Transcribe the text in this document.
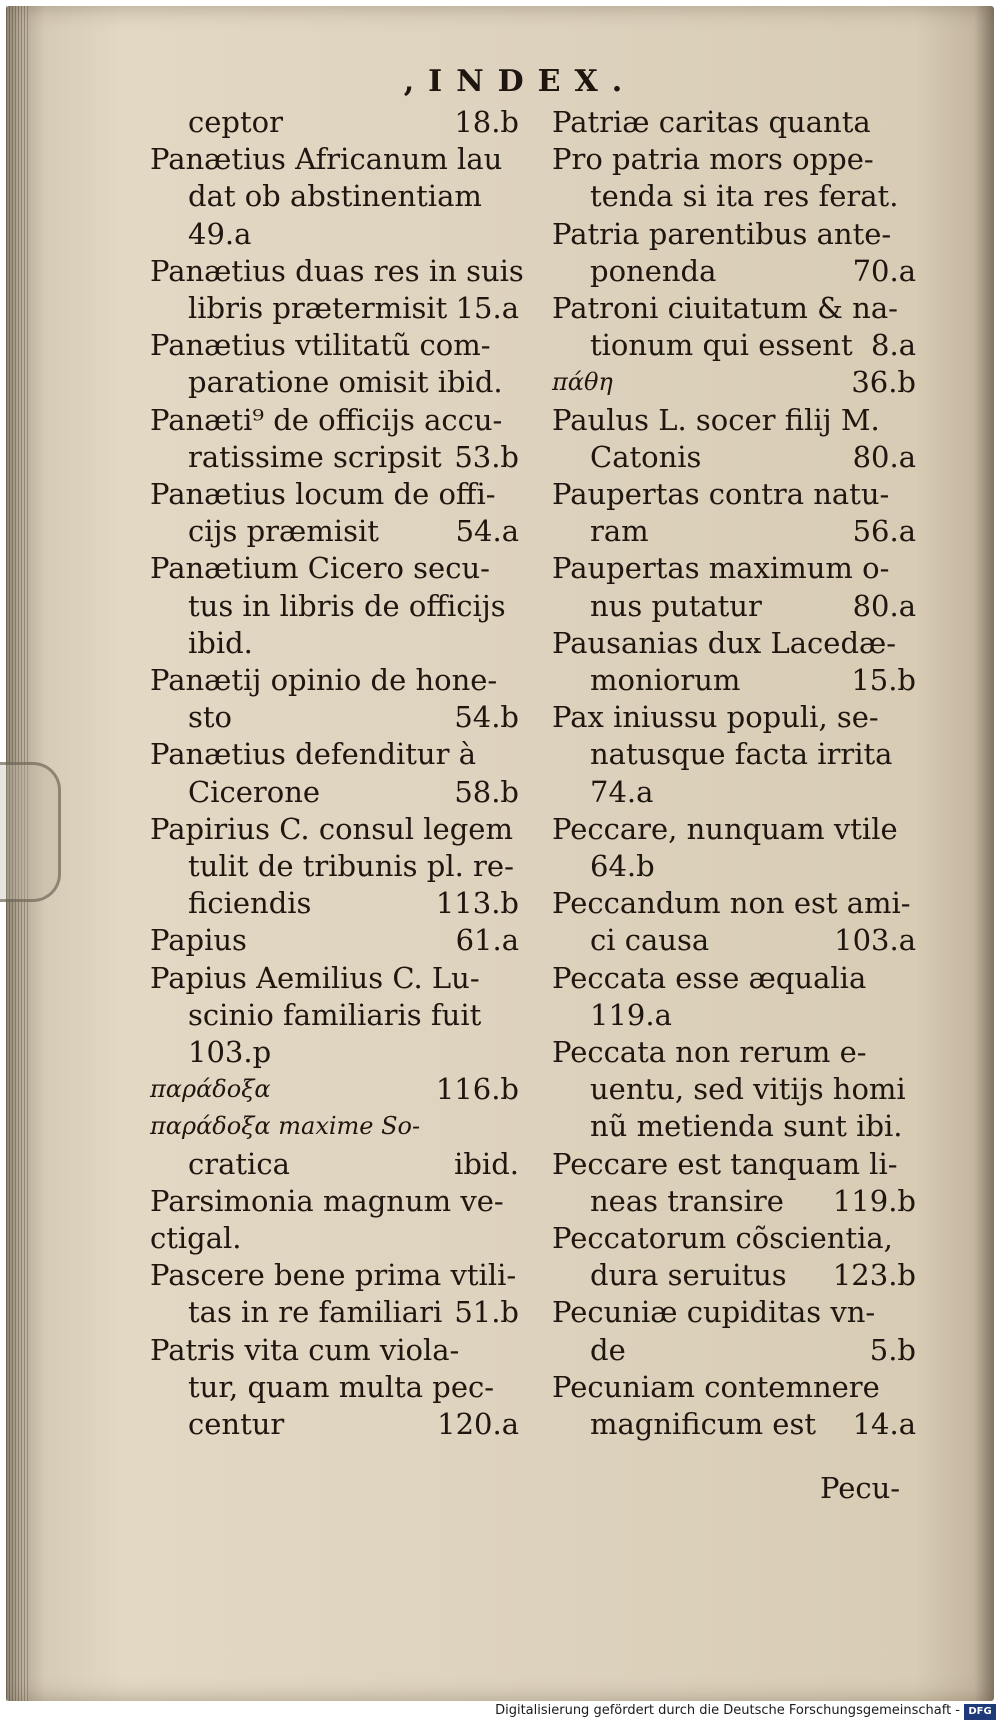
,INDEX.
ceptor	18.b
Panætius Africanum lau
dat ob abstinentiam
49.a
Panætius duas res in suis
libris prætermisit 15.a
Panætius vtilitatũ com-
paratione omisit ibid.
Panæti⁹ de officijs accu-
ratissime scripsit 53.b
Panætius locum de offi-
cijs præmisit	54.a
Panætium Cicero secu-
tus in libris de officijs
ibid.
Panætij opinio de hone-
sto	54.b
Panætius defenditur à
Cicerone	58.b
Papirius C. consul legem
tulit de tribunis pl. re-
ficiendis	113.b
Papius	61.a
Papius Aemilius C. Lu-
scinio familiaris fuit
103.p
παράδοξα	116.b
παράδοξα maxime So-
cratica	ibid.
Parsimonia magnum ve-
ctigal.
Pascere bene prima vtili-
tas in re familiari 51.b
Patris vita cum viola-
tur, quam multa pec-
centur	120.a
Patriæ caritas quanta
Pro patria mors oppe-
tenda si ita res ferat.
Patria parentibus ante-
ponenda	70.a
Patroni ciuitatum & na-
tionum qui essent 8.a
πάθη	36.b
Paulus L. socer filij M.
Catonis	80.a
Paupertas contra natu-
ram	56.a
Paupertas maximum o-
nus putatur	80.a
Pausanias dux Lacedæ-
moniorum	15.b
Pax iniussu populi, se-
natusque facta irrita
74.a
Peccare, nunquam vtile
64.b
Peccandum non est ami-
ci causa	103.a
Peccata esse æqualia
119.a
Peccata non rerum e-
uentu, sed vitijs homi
nũ metienda sunt ibi.
Peccare est tanquam li-
neas transire 119.b
Peccatorum cõscientia,
dura seruitus 123.b
Pecuniæ cupiditas vn-
de	5.b
Pecuniam contemnere
magnificum est 14.a
Pecu-
Digitalisierung gefördert durch die Deutsche Forschungsgemeinschaft - DFG
